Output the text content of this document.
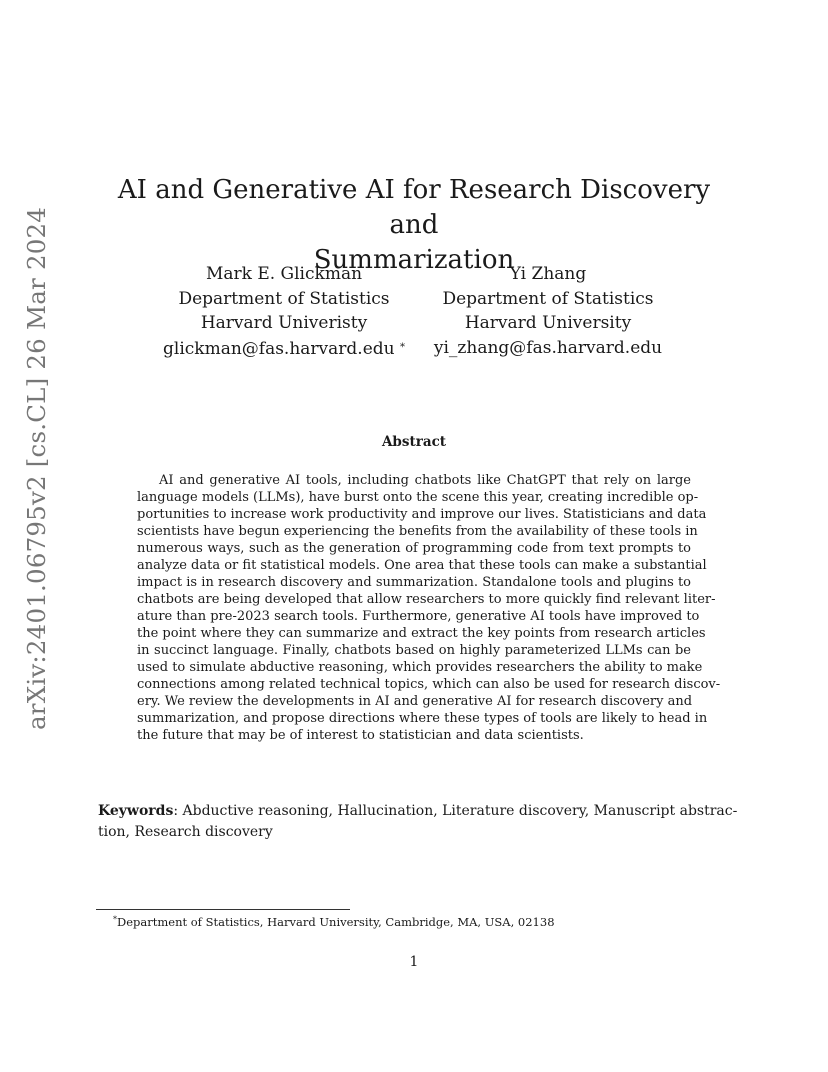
arXiv:2401.06795v2 [cs.CL] 26 Mar 2024
AI and Generative AI for Research Discovery and
Summarization
Mark E. Glickman
Department of Statistics
Harvard Univeristy
glickman@fas.harvard.edu *
Yi Zhang
Department of Statistics
Harvard University
yi_zhang@fas.harvard.edu
Abstract
AI and generative AI tools, including chatbots like ChatGPT that rely on large
language models (LLMs), have burst onto the scene this year, creating incredible op-
portunities to increase work productivity and improve our lives. Statisticians and data
scientists have begun experiencing the benefits from the availability of these tools in
numerous ways, such as the generation of programming code from text prompts to
analyze data or fit statistical models. One area that these tools can make a substantial
impact is in research discovery and summarization. Standalone tools and plugins to
chatbots are being developed that allow researchers to more quickly find relevant liter-
ature than pre-2023 search tools. Furthermore, generative AI tools have improved to
the point where they can summarize and extract the key points from research articles
in succinct language. Finally, chatbots based on highly parameterized LLMs can be
used to simulate abductive reasoning, which provides researchers the ability to make
connections among related technical topics, which can also be used for research discov-
ery. We review the developments in AI and generative AI for research discovery and
summarization, and propose directions where these types of tools are likely to head in
the future that may be of interest to statistician and data scientists.
Keywords: Abductive reasoning, Hallucination, Literature discovery, Manuscript abstrac-
tion, Research discovery
*Department of Statistics, Harvard University, Cambridge, MA, USA, 02138
1
